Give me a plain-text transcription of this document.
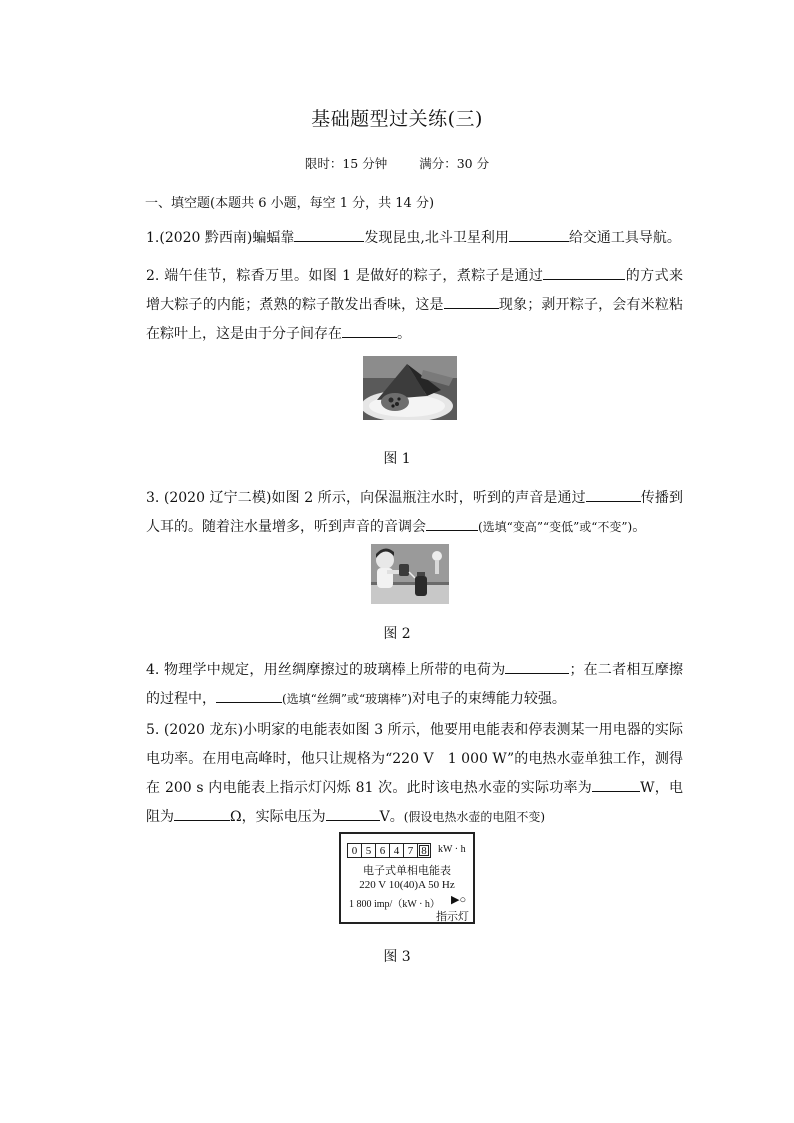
基础题型过关练(三)
限时：15 分钟	满分：30 分
一、填空题(本题共 6 小题，每空 1 分，共 14 分)
1.(2020 黔西南)蝙蝠靠	发现昆虫,北斗卫星利用	给交通工具导航。
2. 端午佳节，粽香万里。如图 1 是做好的粽子，煮粽子是通过	的方式来增大粽子的内能；煮熟的粽子散发出香味，这是	现象；剥开粽子，会有米粒粘在粽叶上，这是由于分子间存在	。
图 1
3. (2020 辽宁二模)如图 2 所示，向保温瓶注水时，听到的声音是通过	传播到人耳的。随着注水量增多，听到声音的音调会	(选填“变高”“变低”或“不变”)。
图 2
4. 物理学中规定，用丝绸摩擦过的玻璃棒上所带的电荷为	；在二者相互摩擦的过程中，	(选填“丝绸”或“玻璃棒”)对电子的束缚能力较强。
5. (2020 龙东)小明家的电能表如图 3 所示，他要用电能表和停表测某一用电器的实际电功率。在用电高峰时，他只让规格为“220 V　1 000 W”的电热水壶单独工作，测得在 200 s 内电能表上指示灯闪烁 81 次。此时该电热水壶的实际功率为	W，电阻为	Ω，实际电压为	V。(假设电热水壶的电阻不变)
0 5 6 4 7 8	kW · h
电子式单相电能表
220 V 10(40)A 50 Hz
1 800 imp/（kW · h） ▶○
指示灯
图 3
